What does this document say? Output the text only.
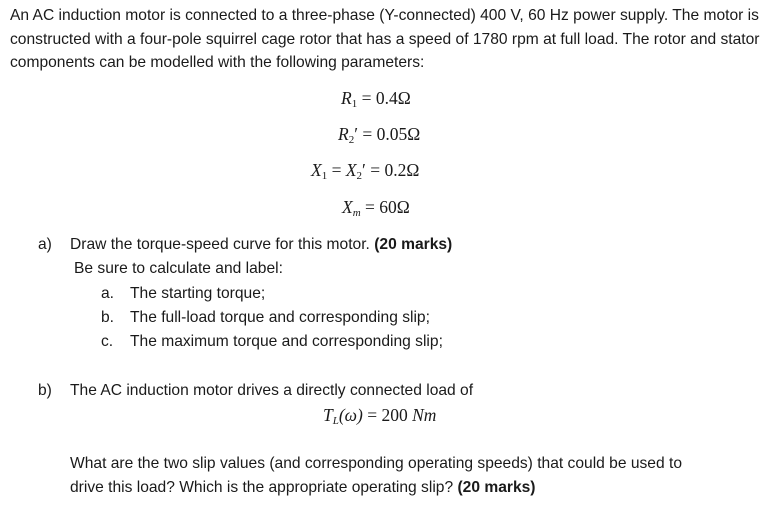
An AC induction motor is connected to a three-phase (Y-connected) 400 V, 60 Hz power supply. The motor is constructed with a four-pole squirrel cage rotor that has a speed of 1780 rpm at full load. The rotor and stator components can be modelled with the following parameters:
$R_1 = 0.4\Omega$
$R_2' = 0.05\Omega$
$X_1 = X_2' = 0.2\Omega$
$X_m = 60\Omega$
a) Draw the torque-speed curve for this motor. (20 marks)
Be sure to calculate and label:
a. The starting torque;
b. The full-load torque and corresponding slip;
c. The maximum torque and corresponding slip;
b) The AC induction motor drives a directly connected load of
$T_L(\omega) = 200$ Nm
What are the two slip values (and corresponding operating speeds) that could be used to
drive this load? Which is the appropriate operating slip? (20 marks)
